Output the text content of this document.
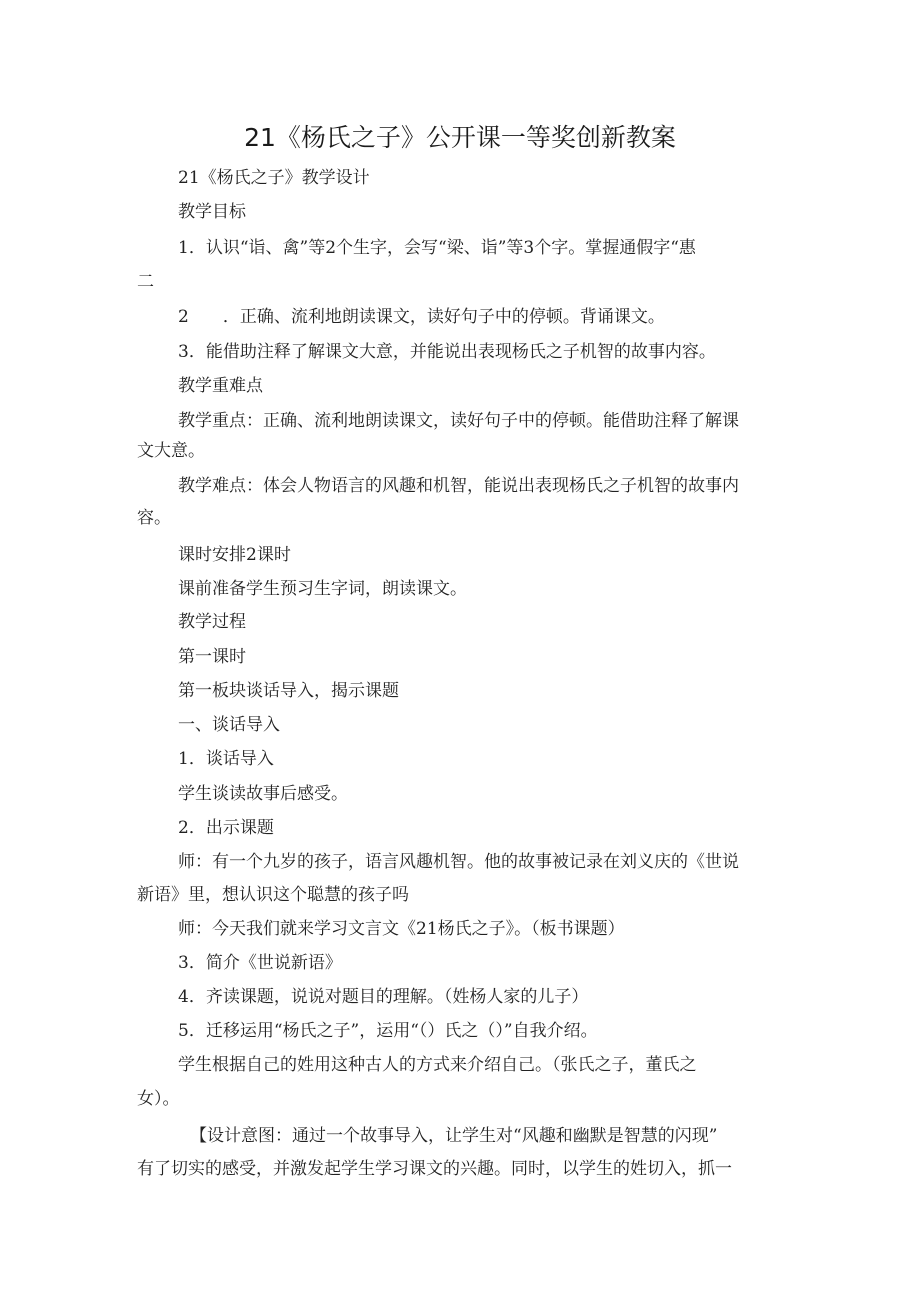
21《杨氏之子》公开课一等奖创新教案
21《杨氏之子》教学设计
教学目标
1．认识“诣、禽”等2个生字，会写“梁、诣”等3个字。掌握通假字“惠
二
2　　．正确、流利地朗读课文，读好句子中的停顿。背诵课文。
3．能借助注释了解课文大意，并能说出表现杨氏之子机智的故事内容。
教学重难点
教学重点：正确、流利地朗读课文，读好句子中的停顿。能借助注释了解课
文大意。
教学难点：体会人物语言的风趣和机智，能说出表现杨氏之子机智的故事内
容。
课时安排2课时
课前准备学生预习生字词，朗读课文。
教学过程
第一课时
第一板块谈话导入，揭示课题
一、谈话导入
1．谈话导入
学生谈读故事后感受。
2．出示课题
师：有一个九岁的孩子，语言风趣机智。他的故事被记录在刘义庆的《世说
新语》里，想认识这个聪慧的孩子吗
师：今天我们就来学习文言文《21杨氏之子》。（板书课题）
3．简介《世说新语》
4．齐读课题，说说对题目的理解。（姓杨人家的儿子）
5．迁移运用“杨氏之子”，运用“（）氏之（）”自我介绍。
学生根据自己的姓用这种古人的方式来介绍自己。（张氏之子，董氏之
女）。
【设计意图：通过一个故事导入，让学生对“风趣和幽默是智慧的闪现”
有了切实的感受，并激发起学生学习课文的兴趣。同时，以学生的姓切入，抓一
